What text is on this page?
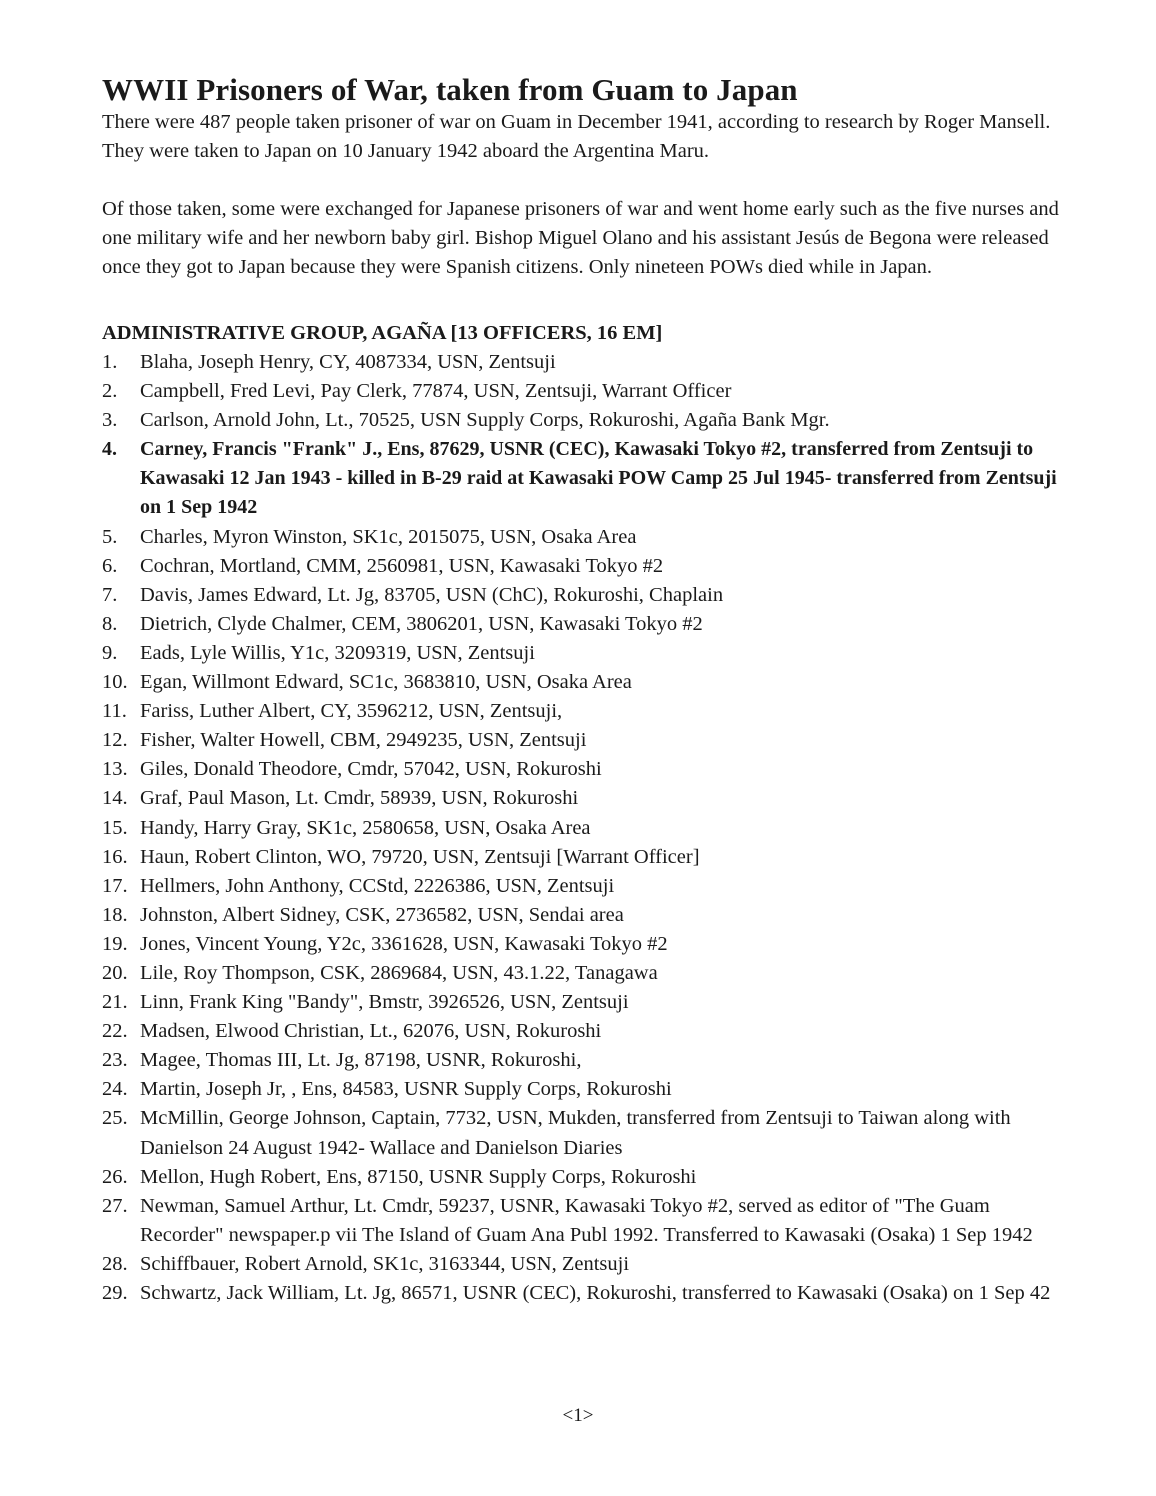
WWII Prisoners of War, taken from Guam to Japan

There were 487 people taken prisoner of war on Guam in December 1941, according to research by Roger Mansell. They were taken to Japan on 10 January 1942 aboard the Argentina Maru.

Of those taken, some were exchanged for Japanese prisoners of war and went home early such as the five nurses and one military wife and her newborn baby girl. Bishop Miguel Olano and his assistant Jesús de Begona were released once they got to Japan because they were Spanish citizens. Only nineteen POWs died while in Japan.

ADMINISTRATIVE GROUP, AGAÑA [13 OFFICERS, 16 EM]
1. Blaha, Joseph Henry, CY, 4087334, USN, Zentsuji
2. Campbell, Fred Levi, Pay Clerk, 77874, USN, Zentsuji, Warrant Officer
3. Carlson, Arnold John, Lt., 70525, USN Supply Corps, Rokuroshi, Agaña Bank Mgr.
4. Carney, Francis "Frank" J., Ens, 87629, USNR (CEC), Kawasaki Tokyo #2, transferred from Zentsuji to Kawasaki 12 Jan 1943 - killed in B-29 raid at Kawasaki POW Camp 25 Jul 1945- transferred from Zentsuji on 1 Sep 1942
5. Charles, Myron Winston, SK1c, 2015075, USN, Osaka Area
6. Cochran, Mortland, CMM, 2560981, USN, Kawasaki Tokyo #2
7. Davis, James Edward, Lt. Jg, 83705, USN (ChC), Rokuroshi, Chaplain
8. Dietrich, Clyde Chalmer, CEM, 3806201, USN, Kawasaki Tokyo #2
9. Eads, Lyle Willis, Y1c, 3209319, USN, Zentsuji
10. Egan, Willmont Edward, SC1c, 3683810, USN, Osaka Area
11. Fariss, Luther Albert, CY, 3596212, USN, Zentsuji,
12. Fisher, Walter Howell, CBM, 2949235, USN, Zentsuji
13. Giles, Donald Theodore, Cmdr, 57042, USN, Rokuroshi
14. Graf, Paul Mason, Lt. Cmdr, 58939, USN, Rokuroshi
15. Handy, Harry Gray, SK1c, 2580658, USN, Osaka Area
16. Haun, Robert Clinton, WO, 79720, USN, Zentsuji [Warrant Officer]
17. Hellmers, John Anthony, CCStd, 2226386, USN, Zentsuji
18. Johnston, Albert Sidney, CSK, 2736582, USN, Sendai area
19. Jones, Vincent Young, Y2c, 3361628, USN, Kawasaki Tokyo #2
20. Lile, Roy Thompson, CSK, 2869684, USN, 43.1.22, Tanagawa
21. Linn, Frank King "Bandy", Bmstr, 3926526, USN, Zentsuji
22. Madsen, Elwood Christian, Lt., 62076, USN, Rokuroshi
23. Magee, Thomas III, Lt. Jg, 87198, USNR, Rokuroshi,
24. Martin, Joseph Jr, , Ens, 84583, USNR Supply Corps, Rokuroshi
25. McMillin, George Johnson, Captain, 7732, USN, Mukden, transferred from Zentsuji to Taiwan along with Danielson 24 August 1942- Wallace and Danielson Diaries
26. Mellon, Hugh Robert, Ens, 87150, USNR Supply Corps, Rokuroshi
27. Newman, Samuel Arthur, Lt. Cmdr, 59237, USNR, Kawasaki Tokyo #2, served as editor of "The Guam Recorder" newspaper.p vii The Island of Guam Ana Publ 1992. Transferred to Kawasaki (Osaka) 1 Sep 1942
28. Schiffbauer, Robert Arnold, SK1c, 3163344, USN, Zentsuji
29. Schwartz, Jack William, Lt. Jg, 86571, USNR (CEC), Rokuroshi, transferred to Kawasaki (Osaka) on 1 Sep 42
<1>
